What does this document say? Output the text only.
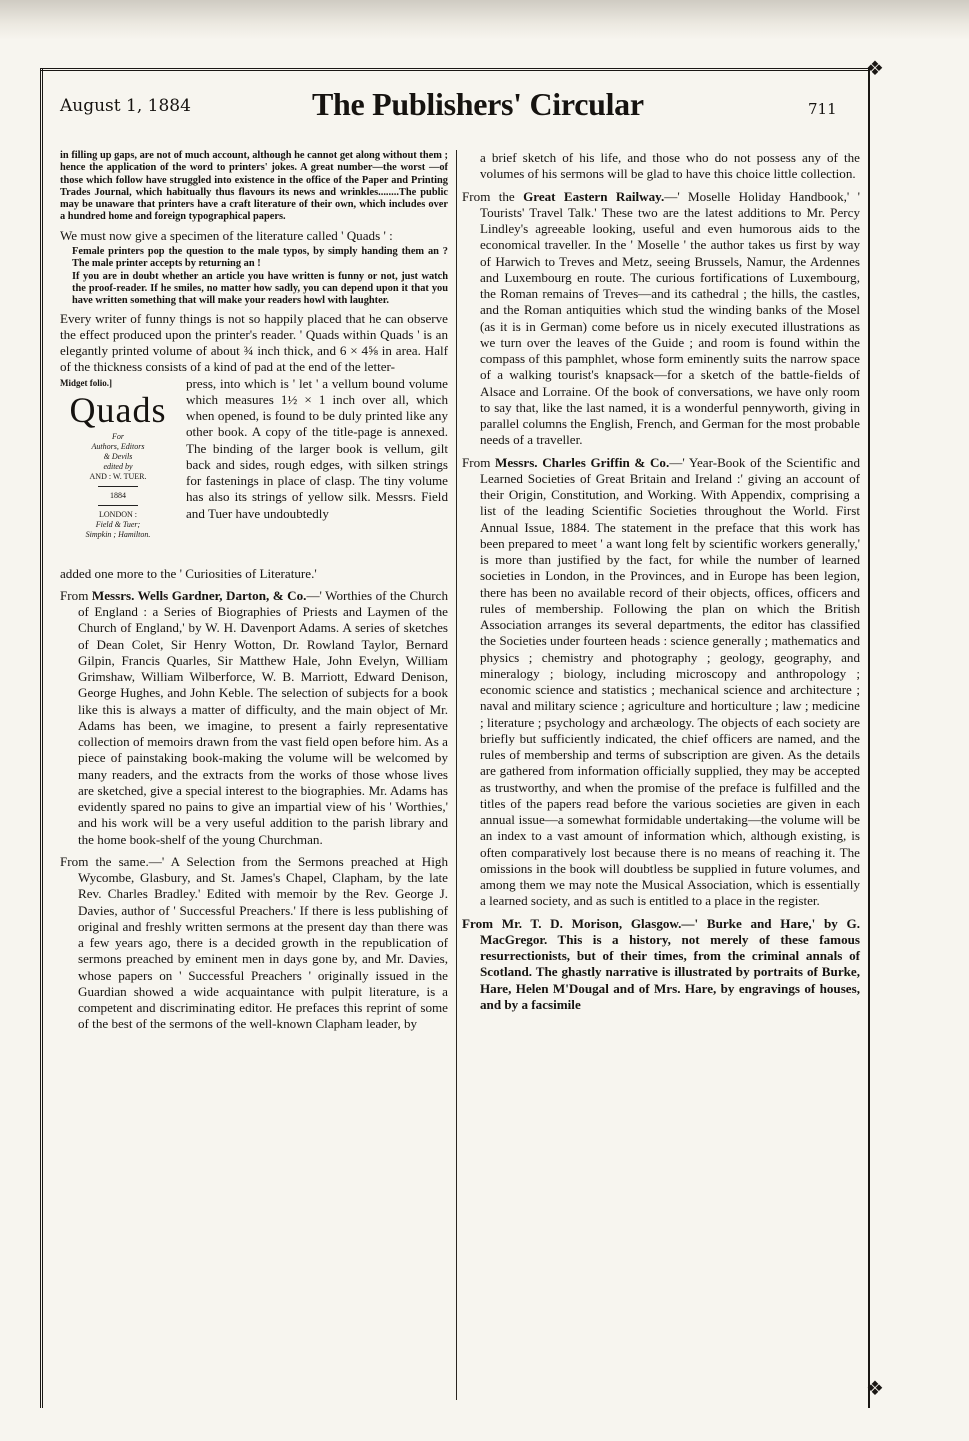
❖
❖
August 1, 1884	The Publishers' Circular	711

in filling up gaps, are not of much account, although he cannot get along without them ; hence the application of the word to printers' jokes. A great number—the worst —of those which follow have struggled into existence in the office of the Paper and Printing Trades Journal, which habitually thus flavours its news and wrinkles........The public may be unaware that printers have a craft literature of their own, which includes over a hundred home and foreign typographical papers.

We must now give a specimen of the literature called ' Quads ' :

Female printers pop the question to the male typos, by simply handing them an ? The male printer accepts by returning an !

If you are in doubt whether an article you have written is funny or not, just watch the proof-reader. If he smiles, no matter how sadly, you can depend upon it that you have written something that will make your readers howl with laughter.

Every writer of funny things is not so happily placed that he can observe the effect produced upon the printer's reader. ' Quads within Quads ' is an elegantly printed volume of about ¾ inch thick, and 6 × 4⅝ in area. Half of the thickness consists of a kind of pad at the end of the letter-

Midget folio.]
Quads
For
Authors, Editors
& Devils
edited by
AND : W. TUER.
1884
LONDON :
Field & Tuer;
Simpkin ; Hamilton.

press, into which is ' let ' a vellum bound volume which measures 1½ × 1 inch over all, which when opened, is found to be duly printed like any other book. A copy of the title-page is annexed. The binding of the larger book is vellum, gilt back and sides, rough edges, with silken strings for fastenings in place of clasp. The tiny volume has also its strings of yellow silk. Messrs. Field and Tuer have undoubtedly

added one more to the ' Curiosities of Literature.'

From Messrs. Wells Gardner, Darton, & Co.—' Worthies of the Church of England : a Series of Biographies of Priests and Laymen of the Church of England,' by W. H. Davenport Adams. A series of sketches of Dean Colet, Sir Henry Wotton, Dr. Rowland Taylor, Bernard Gilpin, Francis Quarles, Sir Matthew Hale, John Evelyn, William Grimshaw, William Wilberforce, W. B. Marriott, Edward Denison, George Hughes, and John Keble. The selection of subjects for a book like this is always a matter of difficulty, and the main object of Mr. Adams has been, we imagine, to present a fairly representative collection of memoirs drawn from the vast field open before him. As a piece of painstaking book-making the volume will be welcomed by many readers, and the extracts from the works of those whose lives are sketched, give a special interest to the biographies. Mr. Adams has evidently spared no pains to give an impartial view of his ' Worthies,' and his work will be a very useful addition to the parish library and the home book-shelf of the young Churchman.

From the same.—' A Selection from the Sermons preached at High Wycombe, Glasbury, and St. James's Chapel, Clapham, by the late Rev. Charles Bradley.' Edited with memoir by the Rev. George J. Davies, author of ' Successful Preachers.' If there is less publishing of original and freshly written sermons at the present day than there was a few years ago, there is a decided growth in the republication of sermons preached by eminent men in days gone by, and Mr. Davies, whose papers on ' Successful Preachers ' originally issued in the Guardian showed a wide acquaintance with pulpit literature, is a competent and discriminating editor. He prefaces this reprint of some of the best of the sermons of the well-known Clapham leader, by

a brief sketch of his life, and those who do not possess any of the volumes of his sermons will be glad to have this choice little collection.

From the Great Eastern Railway.—' Moselle Holiday Handbook,' ' Tourists' Travel Talk.' These two are the latest additions to Mr. Percy Lindley's agreeable looking, useful and even humorous aids to the economical traveller. In the ' Moselle ' the author takes us first by way of Harwich to Treves and Metz, seeing Brussels, Namur, the Ardennes and Luxembourg en route. The curious fortifications of Luxembourg, the Roman remains of Treves—and its cathedral ; the hills, the castles, and the Roman antiquities which stud the winding banks of the Mosel (as it is in German) come before us in nicely executed illustrations as we turn over the leaves of the Guide ; and room is found within the compass of this pamphlet, whose form eminently suits the narrow space of a walking tourist's knapsack—for a sketch of the battle-fields of Alsace and Lorraine. Of the book of conversations, we have only room to say that, like the last named, it is a wonderful pennyworth, giving in parallel columns the English, French, and German for the most probable needs of a traveller.

From Messrs. Charles Griffin & Co.—' Year-Book of the Scientific and Learned Societies of Great Britain and Ireland :' giving an account of their Origin, Constitution, and Working. With Appendix, comprising a list of the leading Scientific Societies throughout the World. First Annual Issue, 1884. The statement in the preface that this work has been prepared to meet ' a want long felt by scientific workers generally,' is more than justified by the fact, for while the number of learned societies in London, in the Provinces, and in Europe has been legion, there has been no available record of their objects, offices, officers and rules of membership. Following the plan on which the British Association arranges its several departments, the editor has classified the Societies under fourteen heads : science generally ; mathematics and physics ; chemistry and photography ; geology, geography, and mineralogy ; biology, including microscopy and anthropology ; economic science and statistics ; mechanical science and architecture ; naval and military science ; agriculture and horticulture ; law ; medicine ; literature ; psychology and archæology. The objects of each society are briefly but sufficiently indicated, the chief officers are named, and the rules of membership and terms of subscription are given. As the details are gathered from information officially supplied, they may be accepted as trustworthy, and when the promise of the preface is fulfilled and the titles of the papers read before the various societies are given in each annual issue—a somewhat formidable undertaking—the volume will be an index to a vast amount of information which, although existing, is often comparatively lost because there is no means of reaching it. The omissions in the book will doubtless be supplied in future volumes, and among them we may note the Musical Association, which is essentially a learned society, and as such is entitled to a place in the register.

From Mr. T. D. Morison, Glasgow.—' Burke and Hare,' by G. MacGregor. This is a history, not merely of these famous resurrectionists, but of their times, from the criminal annals of Scotland. The ghastly narrative is illustrated by portraits of Burke, Hare, Helen M'Dougal and of Mrs. Hare, by engravings of houses, and by a facsimile
